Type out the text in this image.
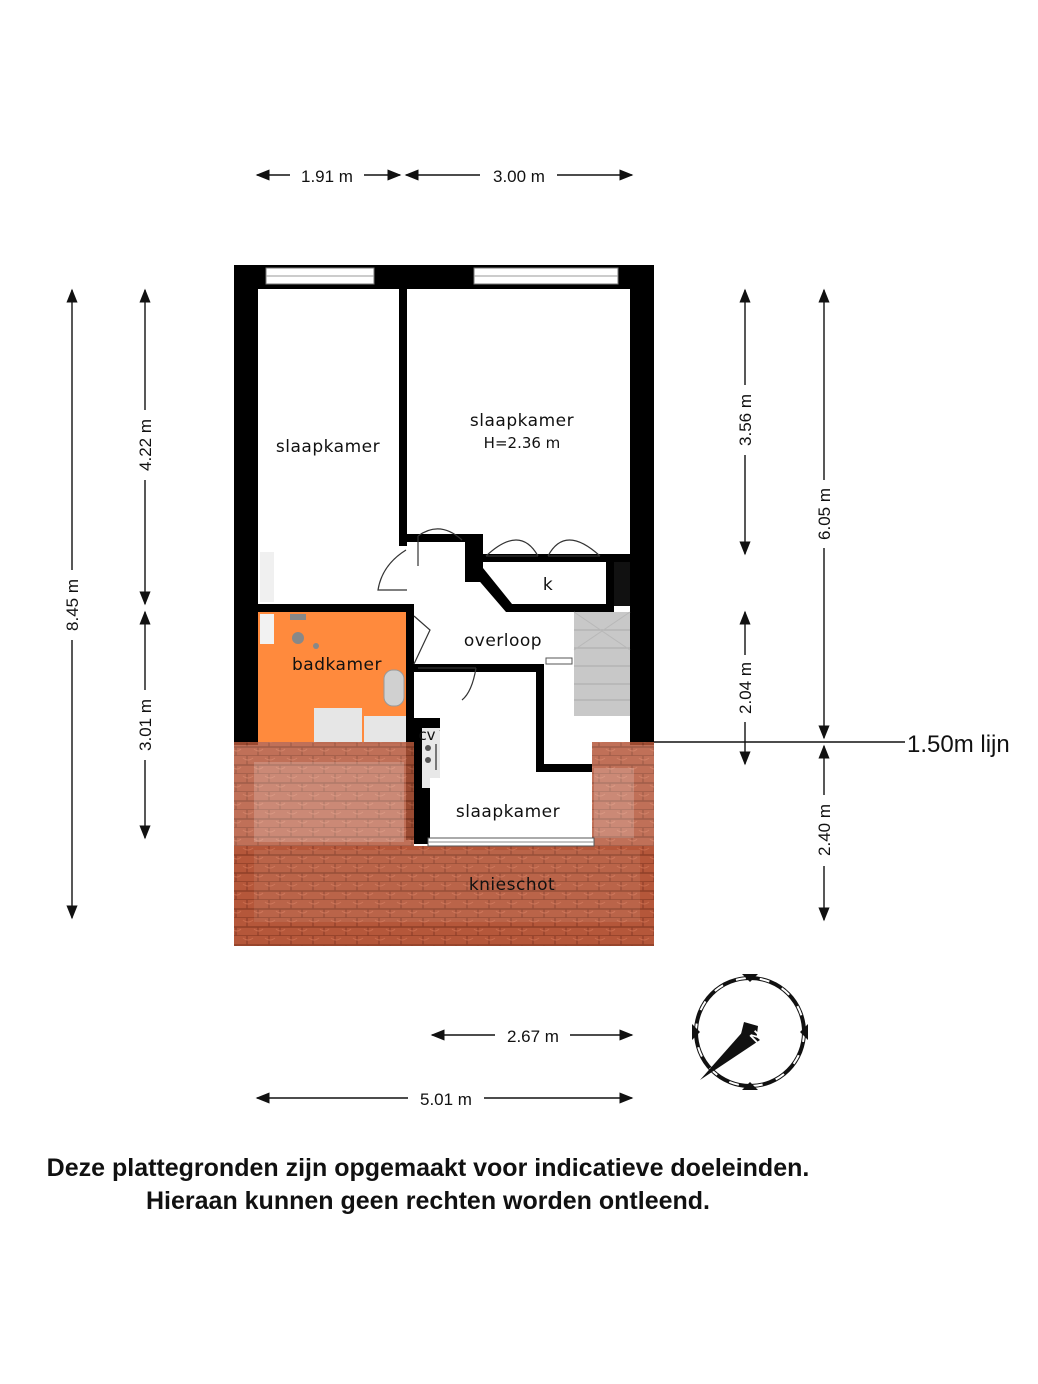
1.91 m	3.00 m
8.45 m
4.22 m
3.01 m
3.56 m
2.04 m
6.05 m
2.40 m
2.67 m
5.01 m
1.50m lijn
slaapkamer
slaapkamer
H=2.36 m
k
overloop
badkamer
cv
slaapkamer
knieschot
N
Deze plattegronden zijn opgemaakt voor indicatieve doeleinden.
Hieraan kunnen geen rechten worden ontleend.
